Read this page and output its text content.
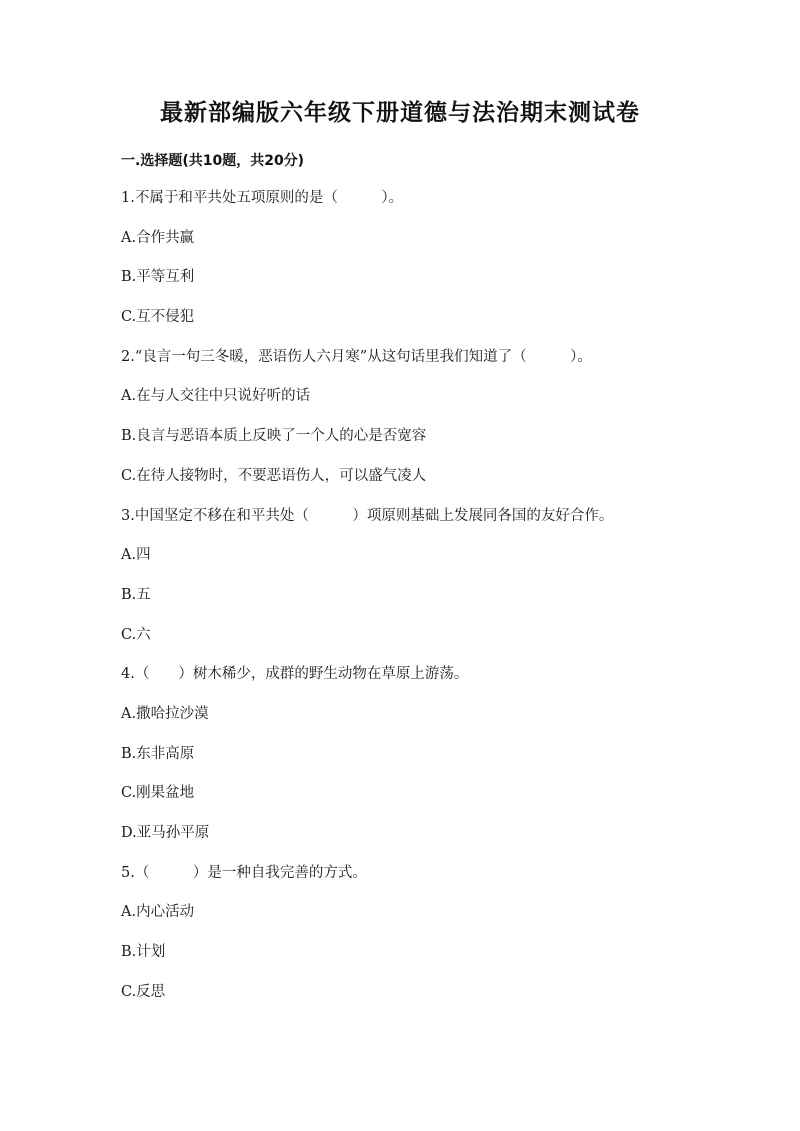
最新部编版六年级下册道德与法治期末测试卷
一.选择题(共10题，共20分)
1.不属于和平共处五项原则的是（　　　）。
A.合作共赢
B.平等互利
C.互不侵犯
2.“良言一句三冬暖，恶语伤人六月寒”从这句话里我们知道了（　　　）。
A.在与人交往中只说好听的话
B.良言与恶语本质上反映了一个人的心是否宽容
C.在待人接物时，不要恶语伤人，可以盛气凌人
3.中国坚定不移在和平共处（　　　）项原则基础上发展同各国的友好合作。
A.四
B.五
C.六
4.（　　）树木稀少，成群的野生动物在草原上游荡。
A.撒哈拉沙漠
B.东非高原
C.刚果盆地
D.亚马孙平原
5.（　　　）是一种自我完善的方式。
A.内心活动
B.计划
C.反思
